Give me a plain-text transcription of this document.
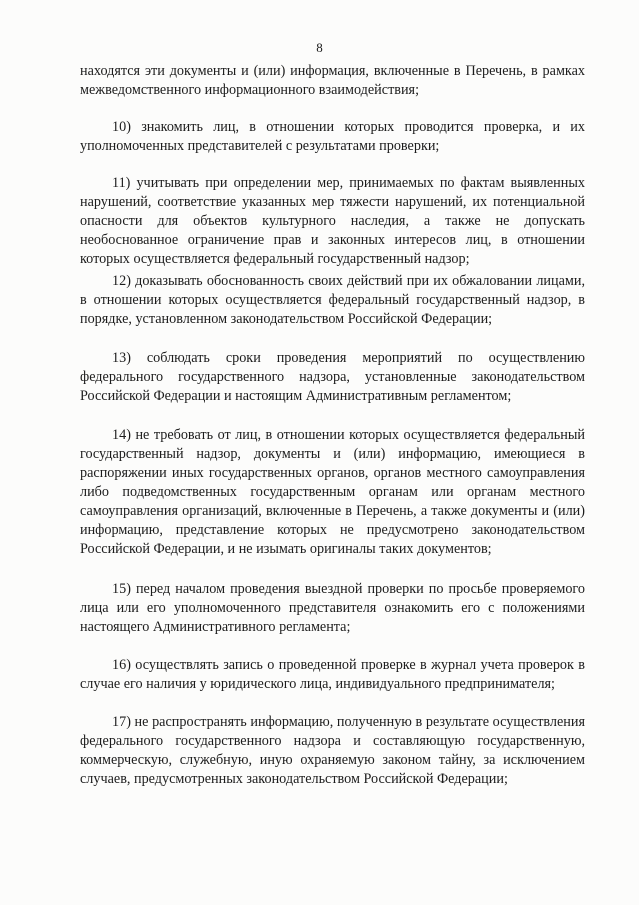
8

находятся эти документы и (или) информация, включенные в Перечень, в рамках межведомственного информационного взаимодействия;

10) знакомить лиц, в отношении которых проводится проверка, и их уполномоченных представителей с результатами проверки;

11) учитывать при определении мер, принимаемых по фактам выявленных нарушений, соответствие указанных мер тяжести нарушений, их потенциальной опасности для объектов культурного наследия, а также не допускать необоснованное ограничение прав и законных интересов лиц, в отношении которых осуществляется федеральный государственный надзор;

12) доказывать обоснованность своих действий при их обжаловании лицами, в отношении которых осуществляется федеральный государственный надзор, в порядке, установленном законодательством Российской Федерации;

13) соблюдать сроки проведения мероприятий по осуществлению федерального государственного надзора, установленные законодательством Российской Федерации и настоящим Административным регламентом;

14) не требовать от лиц, в отношении которых осуществляется федеральный государственный надзор, документы и (или) информацию, имеющиеся в распоряжении иных государственных органов, органов местного самоуправления либо подведомственных государственным органам или органам местного самоуправления организаций, включенные в Перечень, а также документы и (или) информацию, представление которых не предусмотрено законодательством Российской Федерации, и не изымать оригиналы таких документов;

15) перед началом проведения выездной проверки по просьбе проверяемого лица или его уполномоченного представителя ознакомить его с положениями настоящего Административного регламента;

16) осуществлять запись о проведенной проверке в журнал учета проверок в случае его наличия у юридического лица, индивидуального предпринимателя;

17) не распространять информацию, полученную в результате осуществления федерального государственного надзора и составляющую государственную, коммерческую, служебную, иную охраняемую законом тайну, за исключением случаев, предусмотренных законодательством Российской Федерации;
